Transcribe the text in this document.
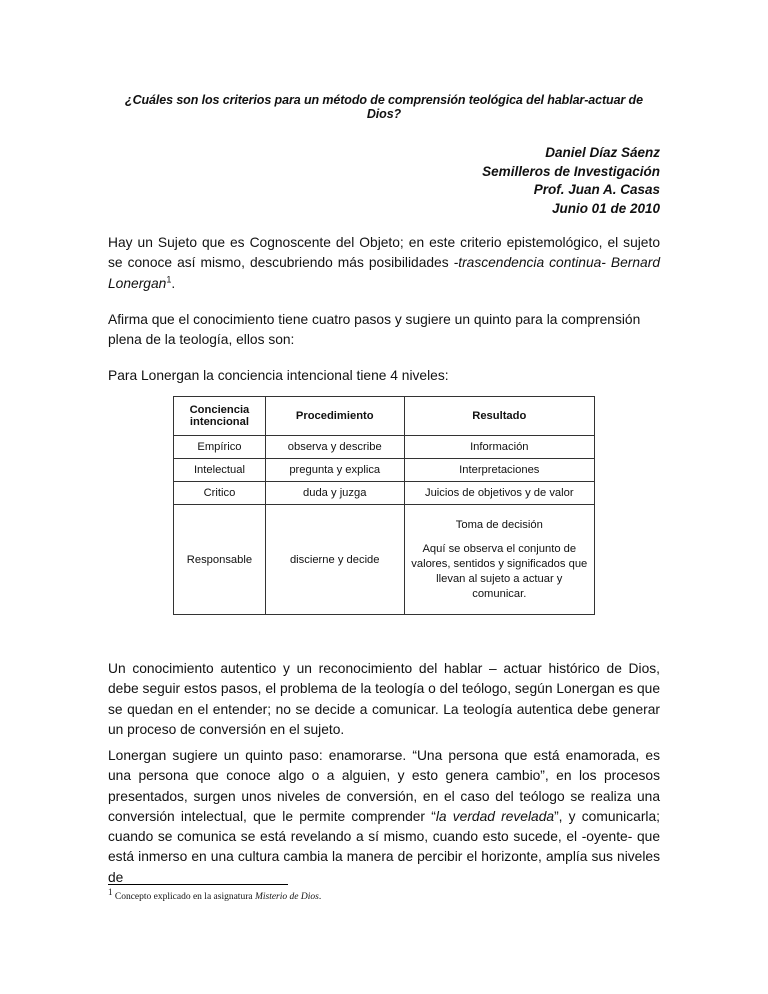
¿Cuáles son los criterios para un método de comprensión teológica del hablar-actuar de Dios?
Daniel Díaz Sáenz
Semilleros de Investigación
Prof. Juan A. Casas
Junio 01 de 2010

Hay un Sujeto que es Cognoscente del Objeto; en este criterio epistemológico, el sujeto se conoce así mismo, descubriendo más posibilidades -trascendencia continua- Bernard Lonergan$^1$.

Afirma que el conocimiento tiene cuatro pasos y sugiere un quinto para la comprensión plena de la teología, ellos son:

Para Lonergan la conciencia intencional tiene 4 niveles:

Conciencia intencional	Procedimiento	Resultado
Empírico	observa y describe	Información
Intelectual	pregunta y explica	Interpretaciones
Critico	duda y juzga	Juicios de objetivos y de valor
Responsable	discierne y decide	Toma de decisión
Aquí se observa el conjunto de valores, sentidos y significados que llevan al sujeto a actuar y comunicar.

Un conocimiento autentico y un reconocimiento del hablar – actuar histórico de Dios, debe seguir estos pasos, el problema de la teología o del teólogo, según Lonergan es que se quedan en el entender; no se decide a comunicar. La teología autentica debe generar un proceso de conversión en el sujeto.

Lonergan sugiere un quinto paso: enamorarse. “Una persona que está enamorada, es una persona que conoce algo o a alguien, y esto genera cambio”, en los procesos presentados, surgen unos niveles de conversión, en el caso del teólogo se realiza una conversión intelectual, que le permite comprender “la verdad revelada”, y comunicarla; cuando se comunica se está revelando a sí mismo, cuando esto sucede, el -oyente- que está inmerso en una cultura cambia la manera de percibir el horizonte, amplía sus niveles de

$^1$ Concepto explicado en la asignatura Misterio de Dios.
